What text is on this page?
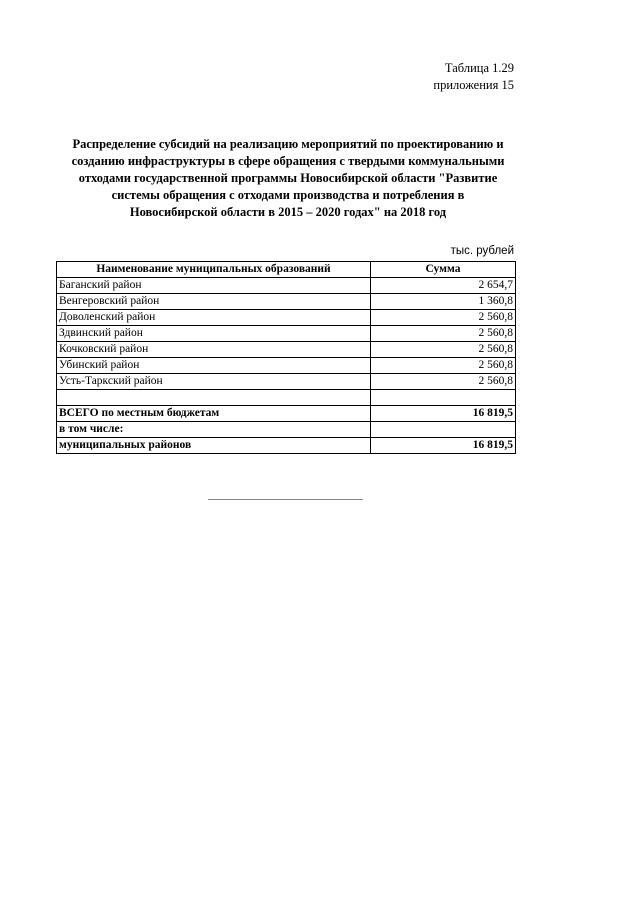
Таблица 1.29
приложения 15
Распределение субсидий на реализацию мероприятий по проектированию и
созданию инфраструктуры в сфере обращения с твердыми коммунальными
отходами государственной программы Новосибирской области "Развитие
системы обращения с отходами производства и потребления в
Новосибирской области в 2015 – 2020 годах" на 2018 год
тыс. рублей
Наименование муниципальных образований	Сумма
Баганский район	2 654,7
Венгеровский район	1 360,8
Доволенский район	2 560,8
Здвинский район	2 560,8
Кочковский район	2 560,8
Убинский район	2 560,8
Усть-Таркский район	2 560,8

ВСЕГО по местным бюджетам	16 819,5
в том числе:	
муниципальных районов	16 819,5
